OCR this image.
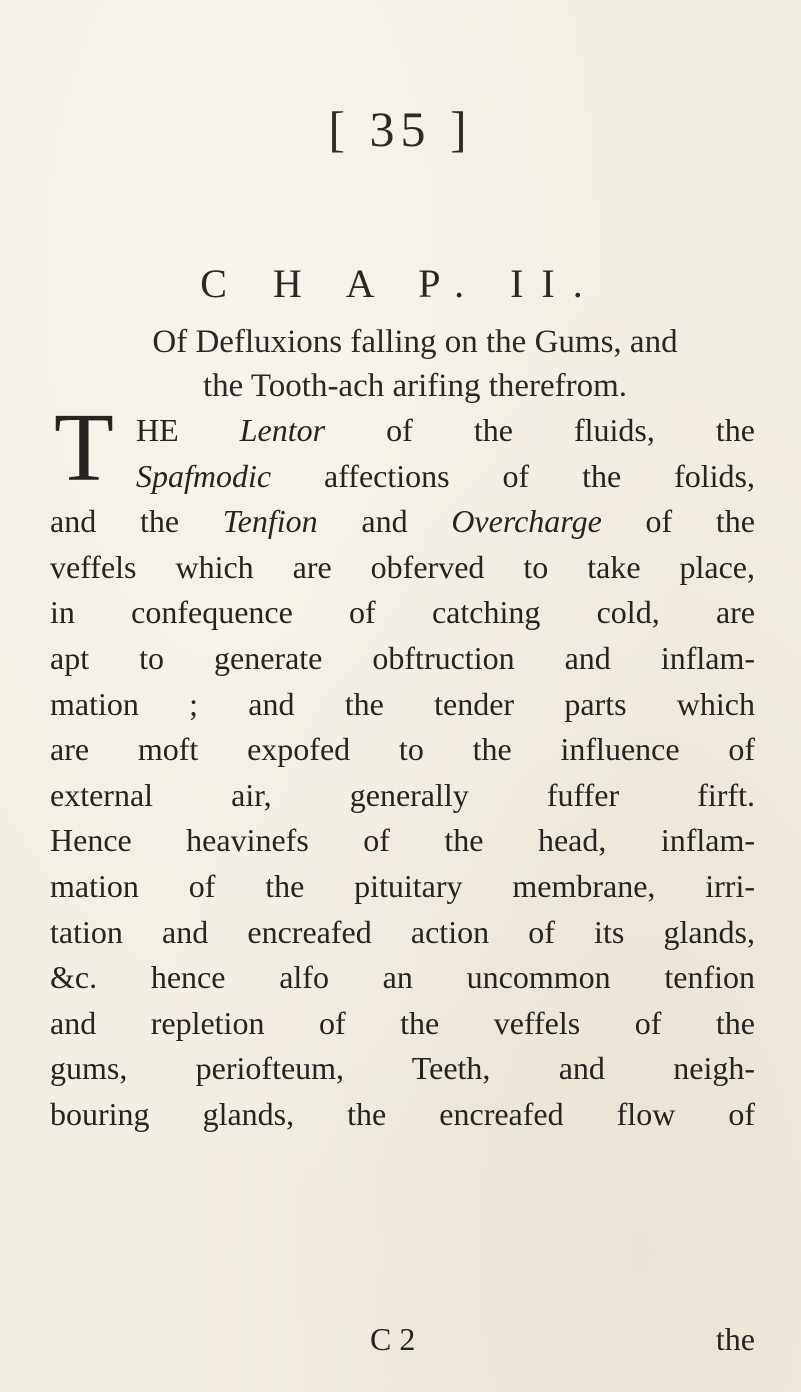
[ 35 ]
C H A P. II.
Of Defluxions falling on the Gums, and
the Tooth-ach arifing therefrom.
T HE Lentor of the fluids, the
Spafmodic affections of the folids,
and the Tenfion and Overcharge of the
veffels which are obferved to take place,
in confequence of catching cold, are
apt to generate obftruction and inflam-
mation ; and the tender parts which
are moft expofed to the influence of
external air, generally fuffer firft.
Hence heavinefs of the head, inflam-
mation of the pituitary membrane, irri-
tation and encreafed action of its glands,
&c. hence alfo an uncommon tenfion
and repletion of the veffels of the
gums, periofteum, Teeth, and neigh-
bouring glands, the encreafed flow of
C 2	the
